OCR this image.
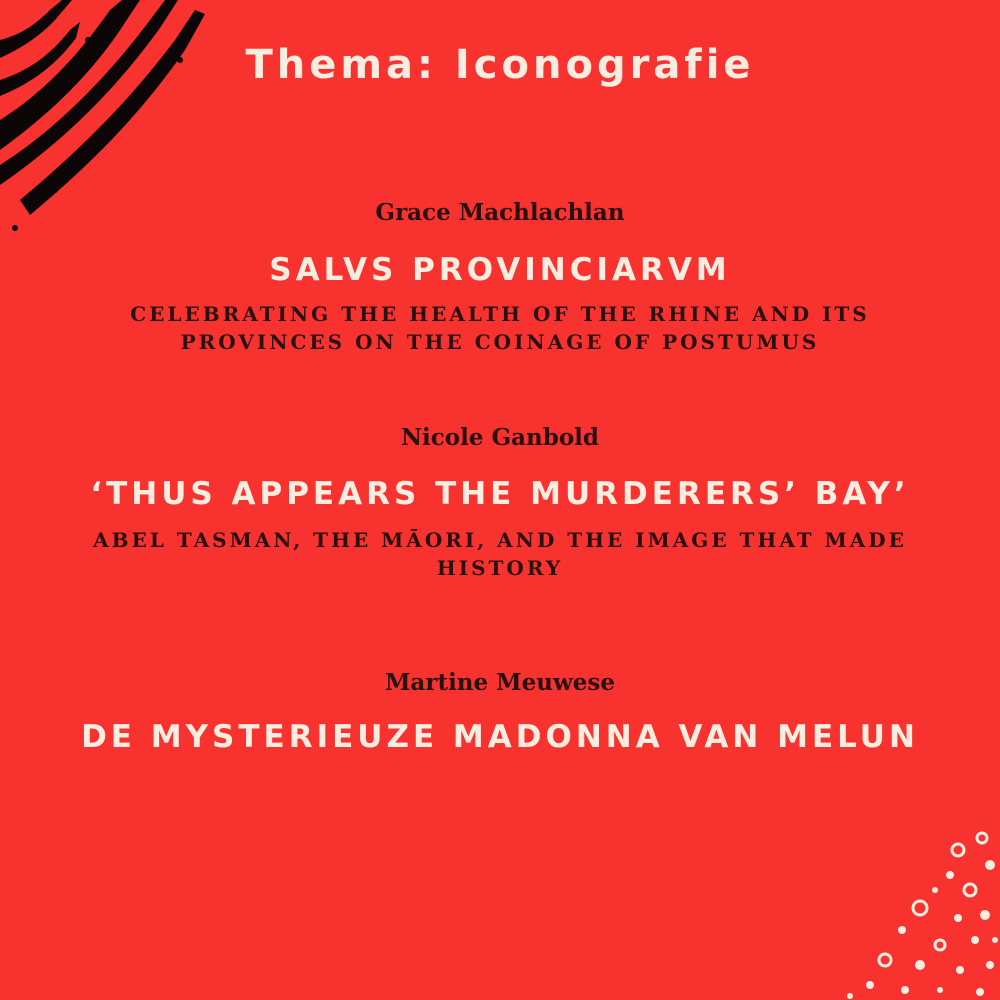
Thema: Iconografie
Grace Machlachlan
SALVS PROVINCIARVM
CELEBRATING THE HEALTH OF THE RHINE AND ITS PROVINCES ON THE COINAGE OF POSTUMUS
Nicole Ganbold
‘THUS APPEARS THE MURDERERS’ BAY’
ABEL TASMAN, THE MĀORI, AND THE IMAGE THAT MADE HISTORY
Martine Meuwese
DE MYSTERIEUZE MADONNA VAN MELUN
